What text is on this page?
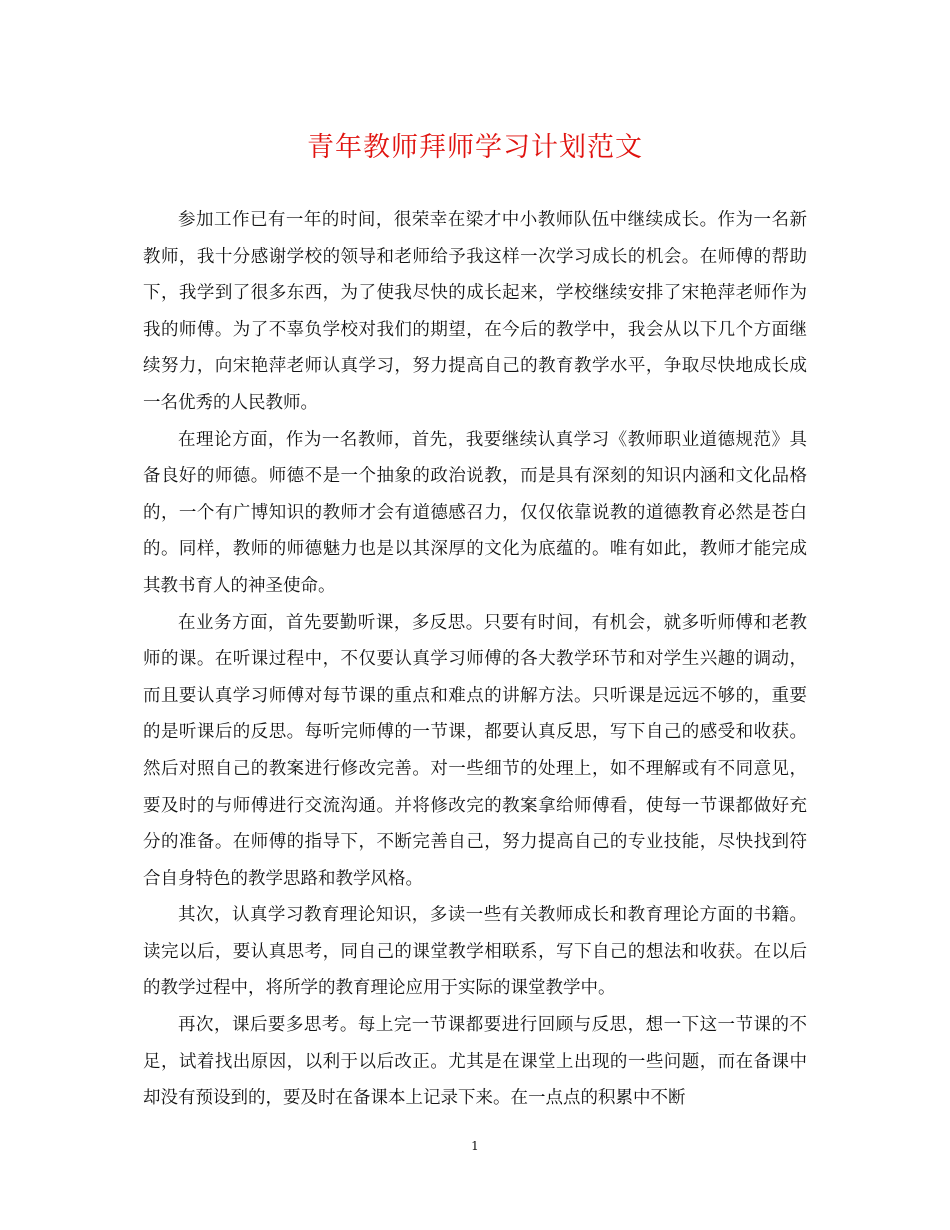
青年教师拜师学习计划范文

参加工作已有一年的时间，很荣幸在梁才中小教师队伍中继续成长。作为一名新教师，我十分感谢学校的领导和老师给予我这样一次学习成长的机会。在师傅的帮助下，我学到了很多东西，为了使我尽快的成长起来，学校继续安排了宋艳萍老师作为我的师傅。为了不辜负学校对我们的期望，在今后的教学中，我会从以下几个方面继续努力，向宋艳萍老师认真学习，努力提高自己的教育教学水平，争取尽快地成长成一名优秀的人民教师。

在理论方面，作为一名教师，首先，我要继续认真学习《教师职业道德规范》具备良好的师德。师德不是一个抽象的政治说教，而是具有深刻的知识内涵和文化品格的，一个有广博知识的教师才会有道德感召力，仅仅依靠说教的道德教育必然是苍白的。同样，教师的师德魅力也是以其深厚的文化为底蕴的。唯有如此，教师才能完成其教书育人的神圣使命。

在业务方面，首先要勤听课，多反思。只要有时间，有机会，就多听师傅和老教师的课。在听课过程中，不仅要认真学习师傅的各大教学环节和对学生兴趣的调动，而且要认真学习师傅对每节课的重点和难点的讲解方法。只听课是远远不够的，重要的是听课后的反思。每听完师傅的一节课，都要认真反思，写下自己的感受和收获。然后对照自己的教案进行修改完善。对一些细节的处理上，如不理解或有不同意见，要及时的与师傅进行交流沟通。并将修改完的教案拿给师傅看，使每一节课都做好充分的准备。在师傅的指导下，不断完善自己，努力提高自己的专业技能，尽快找到符合自身特色的教学思路和教学风格。

其次，认真学习教育理论知识，多读一些有关教师成长和教育理论方面的书籍。读完以后，要认真思考，同自己的课堂教学相联系，写下自己的想法和收获。在以后的教学过程中，将所学的教育理论应用于实际的课堂教学中。

再次，课后要多思考。每上完一节课都要进行回顾与反思，想一下这一节课的不足，试着找出原因，以利于以后改正。尤其是在课堂上出现的一些问题，而在备课中却没有预设到的，要及时在备课本上记录下来。在一点点的积累中不断

1
